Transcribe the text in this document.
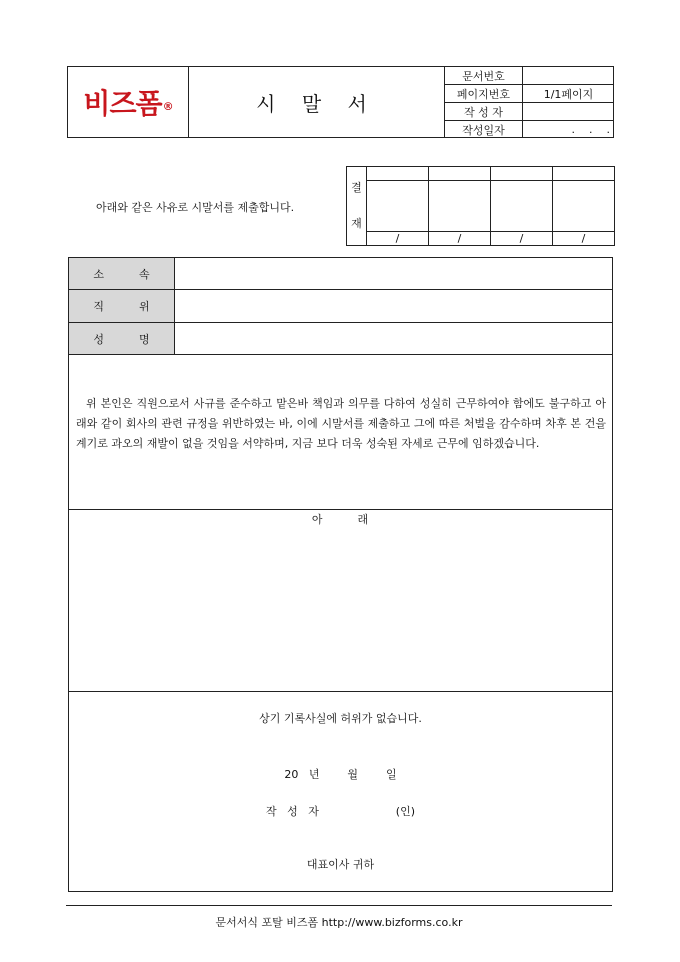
비즈폼®	시 말 서
문서번호
페이지번호	1/1페이지
작 성 자
작성일자	.    .    .
아래와 같은 사유로 시말서를 제출합니다.
결
재
/	/	/	/
소          속
직          위
성          명
위 본인은 직원으로서 사규를 준수하고 맡은바 책임과 의무를 다하여 성실히 근무하여야 함에도 불구하고 아래와 같이 회사의 관련 규정을 위반하였는 바, 이에 시말서를 제출하고 그에 따른 처벌을 감수하며 차후 본 건을 계기로 과오의 재발이 없을 것임을 서약하며, 지금 보다 더욱 성숙된 자세로 근무에 임하겠습니다.
아          래
상기 기록사실에 허위가 없습니다.
20   년        월        일
작   성   자                      (인)
대표이사 귀하
문서서식 포탈 비즈폼 http://www.bizforms.co.kr
